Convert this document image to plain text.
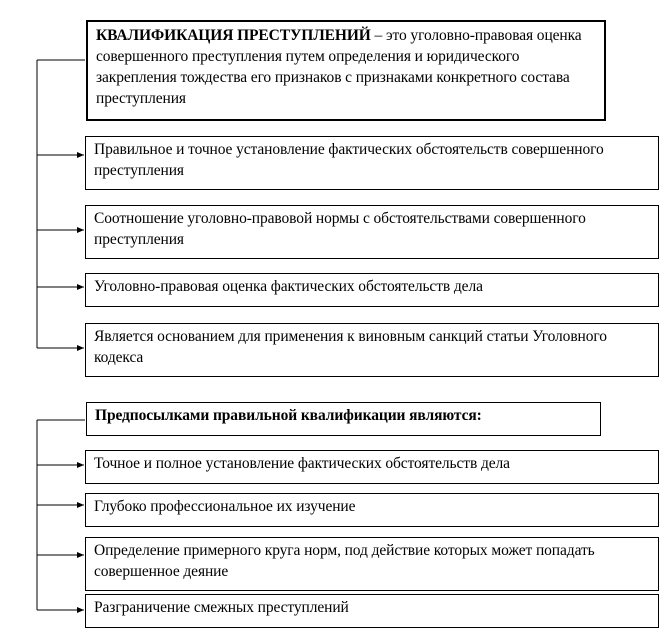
КВАЛИФИКАЦИЯ ПРЕСТУПЛЕНИЙ – это уголовно-правовая оценка совершенного преступления путем определения и юридического закрепления тождества его признаков с признаками конкретного состава преступления
Правильное и точное установление фактических обстоятельств совершенного преступления
Соотношение уголовно-правовой нормы с обстоятельствами совершенного преступления
Уголовно-правовая оценка фактических обстоятельств дела
Является основанием для применения к виновным санкций статьи Уголовного кодекса
Предпосылками правильной квалификации являются:
Точное и полное установление фактических обстоятельств дела
Глубоко профессиональное их изучение
Определение примерного круга норм, под действие которых может попадать совершенное деяние
Разграничение смежных преступлений
